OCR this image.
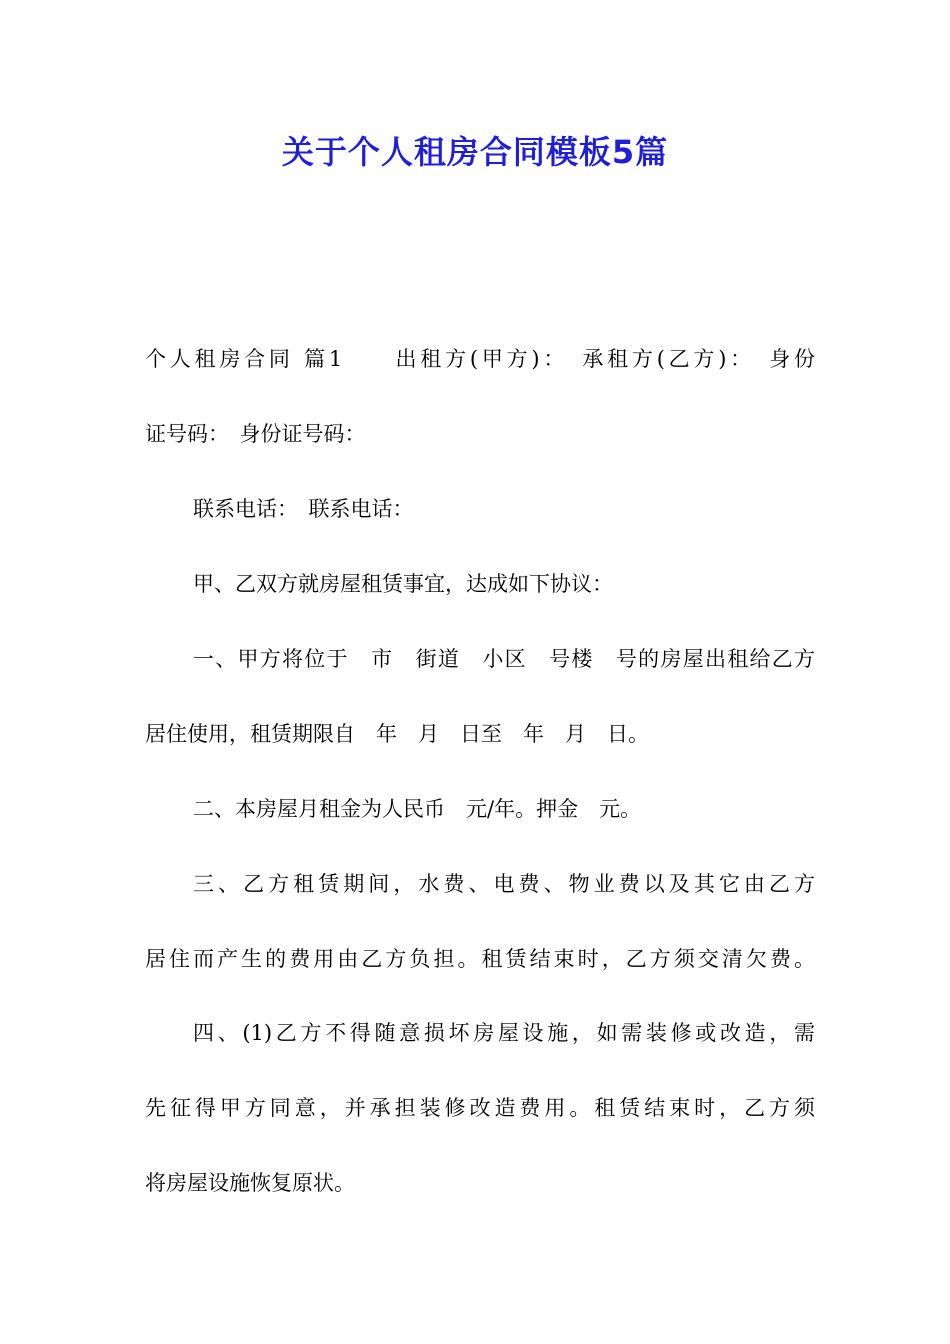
关于个人租房合同模板5篇
个人租房合同 篇1　　出租方(甲方)：　承租方(乙方)：　身份
证号码：　身份证号码：
联系电话：　联系电话：
甲、乙双方就房屋租赁事宜，达成如下协议：
一、甲方将位于　市　街道　小区　号楼　号的房屋出租给乙方
居住使用，租赁期限自　年　月　日至　年　月　日。
二、本房屋月租金为人民币　元/年。押金　元。
三、乙方租赁期间，水费、电费、物业费以及其它由乙方
居住而产生的费用由乙方负担。租赁结束时，乙方须交清欠费。
四、(1)乙方不得随意损坏房屋设施，如需装修或改造，需
先征得甲方同意，并承担装修改造费用。租赁结束时，乙方须
将房屋设施恢复原状。
